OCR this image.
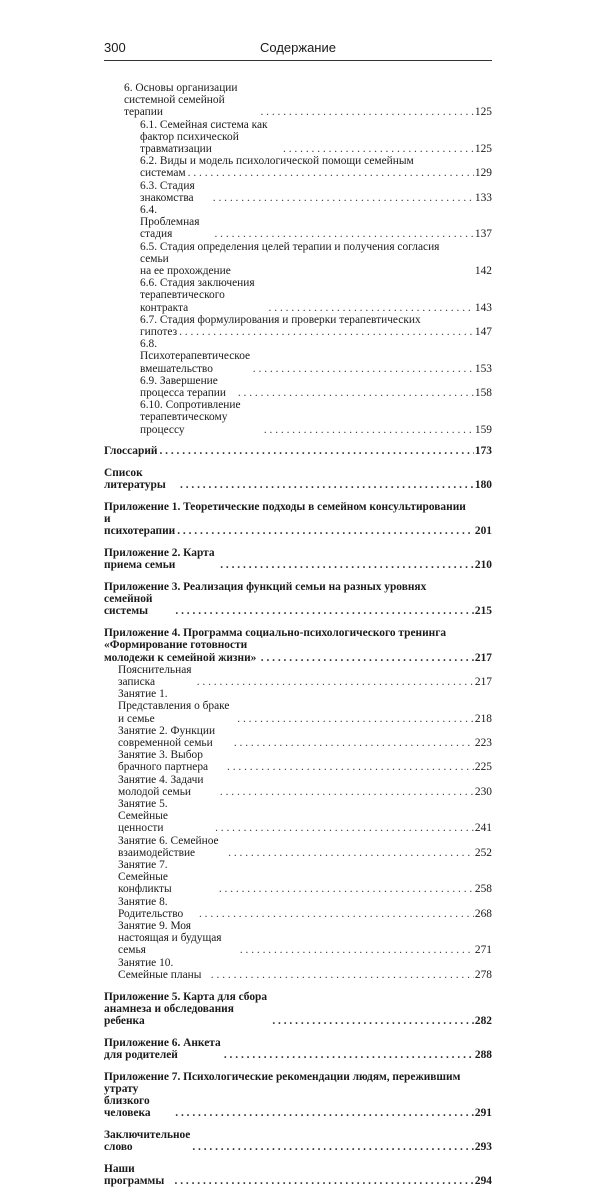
300	Содержание
6. Основы организации системной семейной терапии . . .	125
6.1. Семейная система как фактор психической травматизации . . .	125
6.2. Виды и модель психологической помощи семейным
системам . . .	129
6.3. Стадия знакомства . . .	133
6.4. Проблемная стадия . . .	137
6.5. Стадия определения целей терапии и получения согласия
семьи
на ее прохождение	142
6.6. Стадия заключения терапевтического контракта . . .	143
6.7. Стадия формулирования и проверки терапевтических
гипотез . . .	147
6.8. Психотерапевтическое вмешательство . . .	153
6.9. Завершение процесса терапии . . .	158
6.10. Сопротивление терапевтическому процессу . . .	159
Глоссарий . . .	173
Список литературы . . .	180
Приложение 1. Теоретические подходы в семейном консультировании
и психотерапии . . .	201
Приложение 2. Карта приема семьи . . .	210
Приложение 3. Реализация функций семьи на разных уровнях
семейной системы . . .	215
Приложение 4. Программа социально-психологического тренинга
«Формирование готовности молодежи к семейной жизни» . . .	217
Пояснительная записка . . .	217
Занятие 1. Представления о браке и семье . . .	218
Занятие 2. Функции современной семьи . . .	223
Занятие 3. Выбор брачного партнера . . .	225
Занятие 4. Задачи молодой семьи . . .	230
Занятие 5. Семейные ценности . . .	241
Занятие 6. Семейное взаимодействие . . .	252
Занятие 7. Семейные конфликты . . .	258
Занятие 8. Родительство . . .	268
Занятие 9. Моя настоящая и будущая семья . . .	271
Занятие 10. Семейные планы . . .	278
Приложение 5. Карта для сбора анамнеза и обследования ребенка . . .	282
Приложение 6. Анкета для родителей . . .	288
Приложение 7. Психологические рекомендации людям, пережившим утрату
близкого человека . . .	291
Заключительное слово . . .	293
Наши программы . . .	294
